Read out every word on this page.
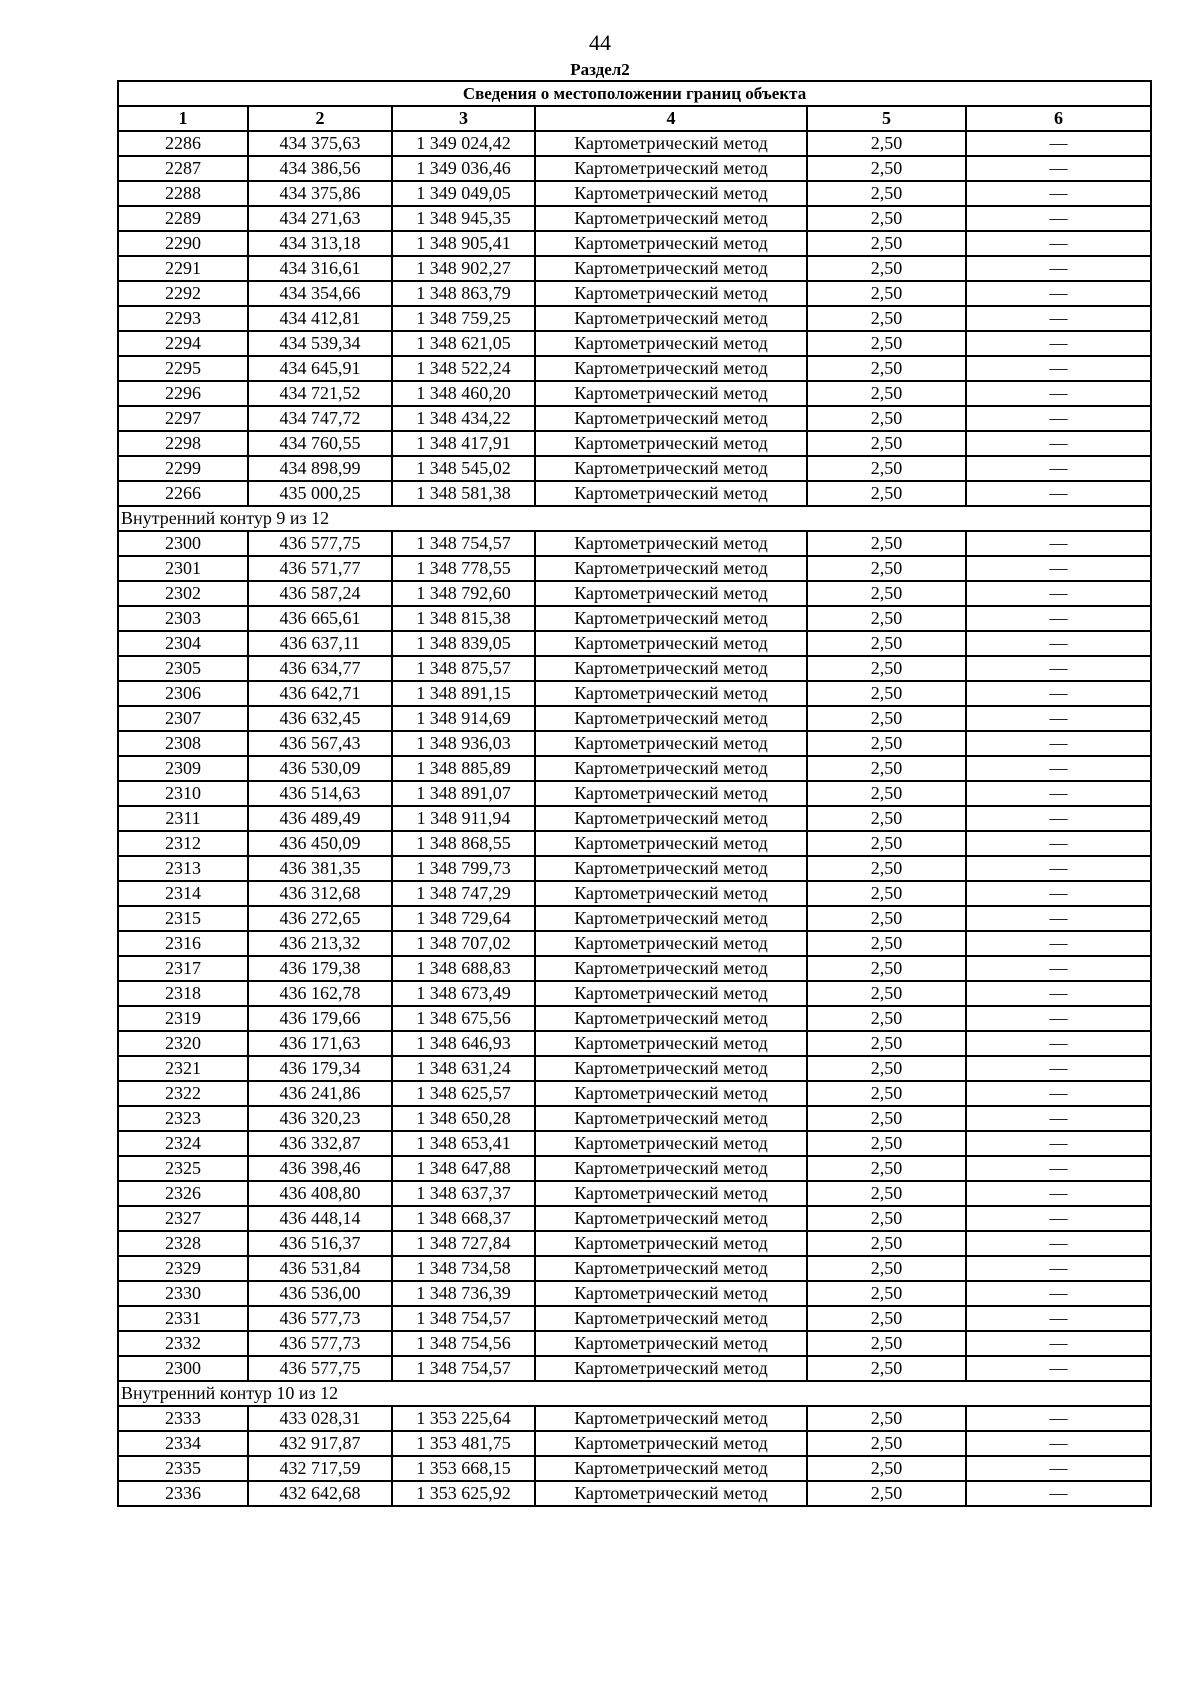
44
Раздел2
Сведения о местоположении границ объекта					
1	2	3	4	5	6
2286	434 375,63	1 349 024,42	Картометрический метод	2,50	—
2287	434 386,56	1 349 036,46	Картометрический метод	2,50	—
2288	434 375,86	1 349 049,05	Картометрический метод	2,50	—
2289	434 271,63	1 348 945,35	Картометрический метод	2,50	—
2290	434 313,18	1 348 905,41	Картометрический метод	2,50	—
2291	434 316,61	1 348 902,27	Картометрический метод	2,50	—
2292	434 354,66	1 348 863,79	Картометрический метод	2,50	—
2293	434 412,81	1 348 759,25	Картометрический метод	2,50	—
2294	434 539,34	1 348 621,05	Картометрический метод	2,50	—
2295	434 645,91	1 348 522,24	Картометрический метод	2,50	—
2296	434 721,52	1 348 460,20	Картометрический метод	2,50	—
2297	434 747,72	1 348 434,22	Картометрический метод	2,50	—
2298	434 760,55	1 348 417,91	Картометрический метод	2,50	—
2299	434 898,99	1 348 545,02	Картометрический метод	2,50	—
2266	435 000,25	1 348 581,38	Картометрический метод	2,50	—
Внутренний контур 9 из 12					
2300	436 577,75	1 348 754,57	Картометрический метод	2,50	—
2301	436 571,77	1 348 778,55	Картометрический метод	2,50	—
2302	436 587,24	1 348 792,60	Картометрический метод	2,50	—
2303	436 665,61	1 348 815,38	Картометрический метод	2,50	—
2304	436 637,11	1 348 839,05	Картометрический метод	2,50	—
2305	436 634,77	1 348 875,57	Картометрический метод	2,50	—
2306	436 642,71	1 348 891,15	Картометрический метод	2,50	—
2307	436 632,45	1 348 914,69	Картометрический метод	2,50	—
2308	436 567,43	1 348 936,03	Картометрический метод	2,50	—
2309	436 530,09	1 348 885,89	Картометрический метод	2,50	—
2310	436 514,63	1 348 891,07	Картометрический метод	2,50	—
2311	436 489,49	1 348 911,94	Картометрический метод	2,50	—
2312	436 450,09	1 348 868,55	Картометрический метод	2,50	—
2313	436 381,35	1 348 799,73	Картометрический метод	2,50	—
2314	436 312,68	1 348 747,29	Картометрический метод	2,50	—
2315	436 272,65	1 348 729,64	Картометрический метод	2,50	—
2316	436 213,32	1 348 707,02	Картометрический метод	2,50	—
2317	436 179,38	1 348 688,83	Картометрический метод	2,50	—
2318	436 162,78	1 348 673,49	Картометрический метод	2,50	—
2319	436 179,66	1 348 675,56	Картометрический метод	2,50	—
2320	436 171,63	1 348 646,93	Картометрический метод	2,50	—
2321	436 179,34	1 348 631,24	Картометрический метод	2,50	—
2322	436 241,86	1 348 625,57	Картометрический метод	2,50	—
2323	436 320,23	1 348 650,28	Картометрический метод	2,50	—
2324	436 332,87	1 348 653,41	Картометрический метод	2,50	—
2325	436 398,46	1 348 647,88	Картометрический метод	2,50	—
2326	436 408,80	1 348 637,37	Картометрический метод	2,50	—
2327	436 448,14	1 348 668,37	Картометрический метод	2,50	—
2328	436 516,37	1 348 727,84	Картометрический метод	2,50	—
2329	436 531,84	1 348 734,58	Картометрический метод	2,50	—
2330	436 536,00	1 348 736,39	Картометрический метод	2,50	—
2331	436 577,73	1 348 754,57	Картометрический метод	2,50	—
2332	436 577,73	1 348 754,56	Картометрический метод	2,50	—
2300	436 577,75	1 348 754,57	Картометрический метод	2,50	—
Внутренний контур 10 из 12					
2333	433 028,31	1 353 225,64	Картометрический метод	2,50	—
2334	432 917,87	1 353 481,75	Картометрический метод	2,50	—
2335	432 717,59	1 353 668,15	Картометрический метод	2,50	—
2336	432 642,68	1 353 625,92	Картометрический метод	2,50	—
